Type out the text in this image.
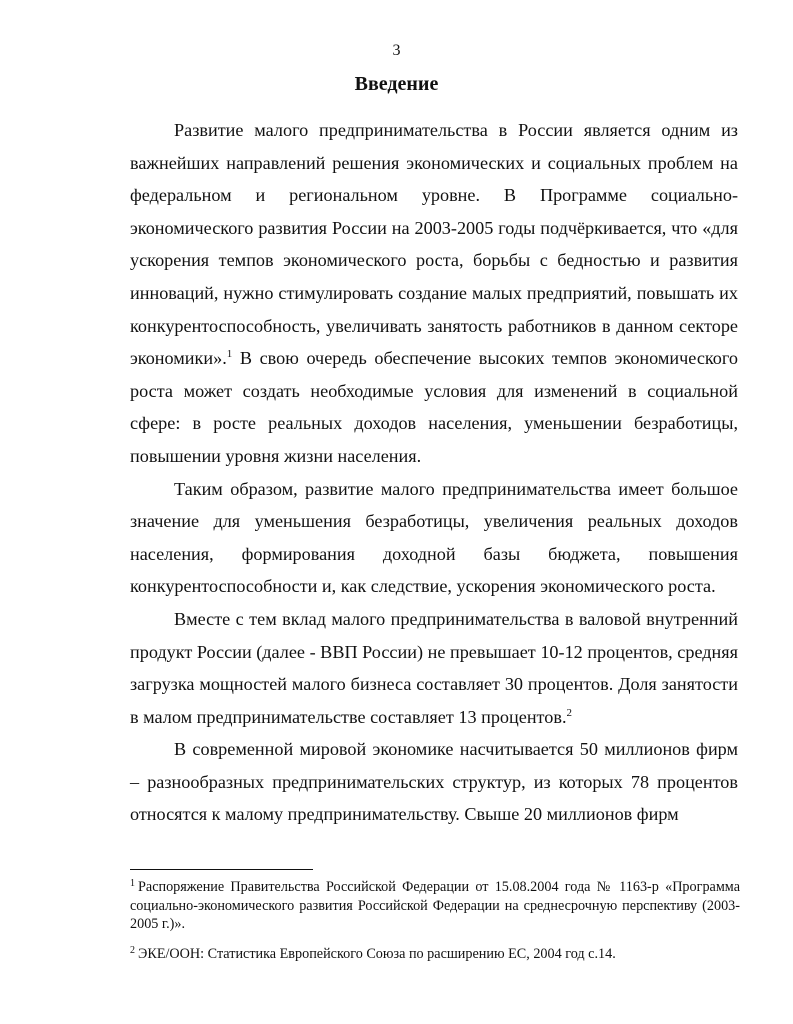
3
Введение

Развитие малого предпринимательства в России является одним из важнейших направлений решения экономических и социальных проблем на федеральном и региональном уровне. В Программе социально-экономического развития России на 2003-2005 годы подчёркивается, что «для ускорения темпов экономического роста, борьбы с бедностью и развития инноваций, нужно стимулировать создание малых предприятий, повышать их конкурентоспособность, увеличивать занятость работников в данном секторе экономики».$^1$ В свою очередь обеспечение высоких темпов экономического роста может создать необходимые условия для изменений в социальной сфере: в росте реальных доходов населения, уменьшении безработицы, повышении уровня жизни населения.

Таким образом, развитие малого предпринимательства имеет большое значение для уменьшения безработицы, увеличения реальных доходов населения, формирования доходной базы бюджета, повышения конкурентоспособности и, как следствие, ускорения экономического роста.

Вместе с тем вклад малого предпринимательства в валовой внутренний продукт России (далее - ВВП России) не превышает 10-12 процентов, средняя загрузка мощностей малого бизнеса составляет 30 процентов. Доля занятости в малом предпринимательстве составляет 13 процентов.$^2$

В современной мировой экономике насчитывается 50 миллионов фирм – разнообразных предпринимательских структур, из которых 78 процентов относятся к малому предпринимательству. Свыше 20 миллионов фирм

$^1$ Распоряжение Правительства Российской Федерации от 15.08.2004 года № 1163-р «Программа социально-экономического развития Российской Федерации на среднесрочную перспективу (2003-2005 г.)».
$^2$ ЭКЕ/ООН: Статистика Европейского Союза по расширению ЕС, 2004 год с.14.
